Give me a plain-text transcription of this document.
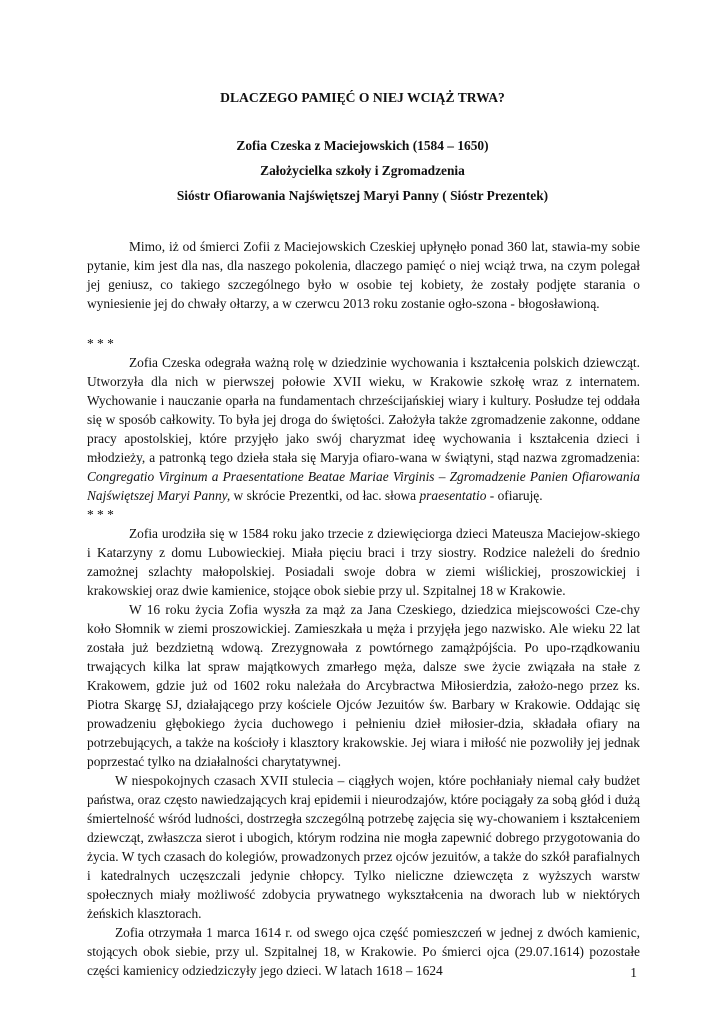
DLACZEGO PAMIĘĆ O NIEJ WCIĄŻ TRWA?
Zofia Czeska z Maciejowskich (1584 – 1650)
Założycielka szkoły i Zgromadzenia
Sióstr Ofiarowania Najświętszej Maryi Panny ( Sióstr Prezentek)

Mimo, iż od śmierci Zofii z Maciejowskich Czeskiej upłynęło ponad 360 lat, stawia-my sobie pytanie, kim jest dla nas, dla naszego pokolenia, dlaczego pamięć o niej wciąż trwa, na czym polegał jej geniusz, co takiego szczególnego było w osobie tej kobiety, że zostały podjęte starania o wyniesienie jej do chwały ołtarzy, a w czerwcu 2013 roku zostanie ogło-szona - błogosławioną.

* * *

Zofia Czeska odegrała ważną rolę w dziedzinie wychowania i kształcenia polskich dziewcząt. Utworzyła dla nich w pierwszej połowie XVII wieku, w Krakowie szkołę wraz z internatem. Wychowanie i nauczanie oparła na fundamentach chrześcijańskiej wiary i kultury. Posłudze tej oddała się w sposób całkowity. To była jej droga do świętości. Założyła także zgromadzenie zakonne, oddane pracy apostolskiej, które przyjęło jako swój charyzmat ideę wychowania i kształcenia dzieci i młodzieży, a patronką tego dzieła stała się Maryja ofiaro-wana w świątyni, stąd nazwa zgromadzenia: Congregatio Virginum a Praesentatione Beatae Mariae Virginis – Zgromadzenie Panien Ofiarowania Najświętszej Maryi Panny, w skrócie Prezentki, od łac. słowa praesentatio - ofiaruję.

* * *

Zofia urodziła się w 1584 roku jako trzecie z dziewięciorga dzieci Mateusza Maciejow-skiego i Katarzyny z domu Lubowieckiej. Miała pięciu braci i trzy siostry. Rodzice należeli do średnio zamożnej szlachty małopolskiej. Posiadali swoje dobra w ziemi wiślickiej, proszowickiej i krakowskiej oraz dwie kamienice, stojące obok siebie przy ul. Szpitalnej 18 w Krakowie.

W 16 roku życia Zofia wyszła za mąż za Jana Czeskiego, dziedzica miejscowości Cze-chy koło Słomnik w ziemi proszowickiej. Zamieszkała u męża i przyjęła jego nazwisko. Ale wieku 22 lat została już bezdzietną wdową. Zrezygnowała z powtórnego zamążpójścia. Po upo-rządkowaniu trwających kilka lat spraw majątkowych zmarłego męża, dalsze swe życie związała na stałe z Krakowem, gdzie już od 1602 roku należała do Arcybractwa Miłosierdzia, założo-nego przez ks. Piotra Skargę SJ, działającego przy kościele Ojców Jezuitów św. Barbary w Krakowie. Oddając się prowadzeniu głębokiego życia duchowego i pełnieniu dzieł miłosier-dzia, składała ofiary na potrzebujących, a także na kościoły i klasztory krakowskie. Jej wiara i miłość nie pozwoliły jej jednak poprzestać tylko na działalności charytatywnej.

W niespokojnych czasach XVII stulecia – ciągłych wojen, które pochłaniały niemal cały budżet państwa, oraz często nawiedzających kraj epidemii i nieurodzajów, które pociągały za sobą głód i dużą śmiertelność wśród ludności, dostrzegła szczególną potrzebę zajęcia się wy-chowaniem i kształceniem dziewcząt, zwłaszcza sierot i ubogich, którym rodzina nie mogła zapewnić dobrego przygotowania do życia. W tych czasach do kolegiów, prowadzonych przez ojców jezuitów, a także do szkół parafialnych i katedralnych uczęszczali jedynie chłopcy. Tylko nieliczne dziewczęta z wyższych warstw społecznych miały możliwość zdobycia prywatnego wykształcenia na dworach lub w niektórych żeńskich klasztorach.

Zofia otrzymała 1 marca 1614 r. od swego ojca część pomieszczeń w jednej z dwóch kamienic, stojących obok siebie, przy ul. Szpitalnej 18, w Krakowie. Po śmierci ojca (29.07.1614) pozostałe części kamienicy odziedziczyły jego dzieci. W latach 1618 – 1624	1
